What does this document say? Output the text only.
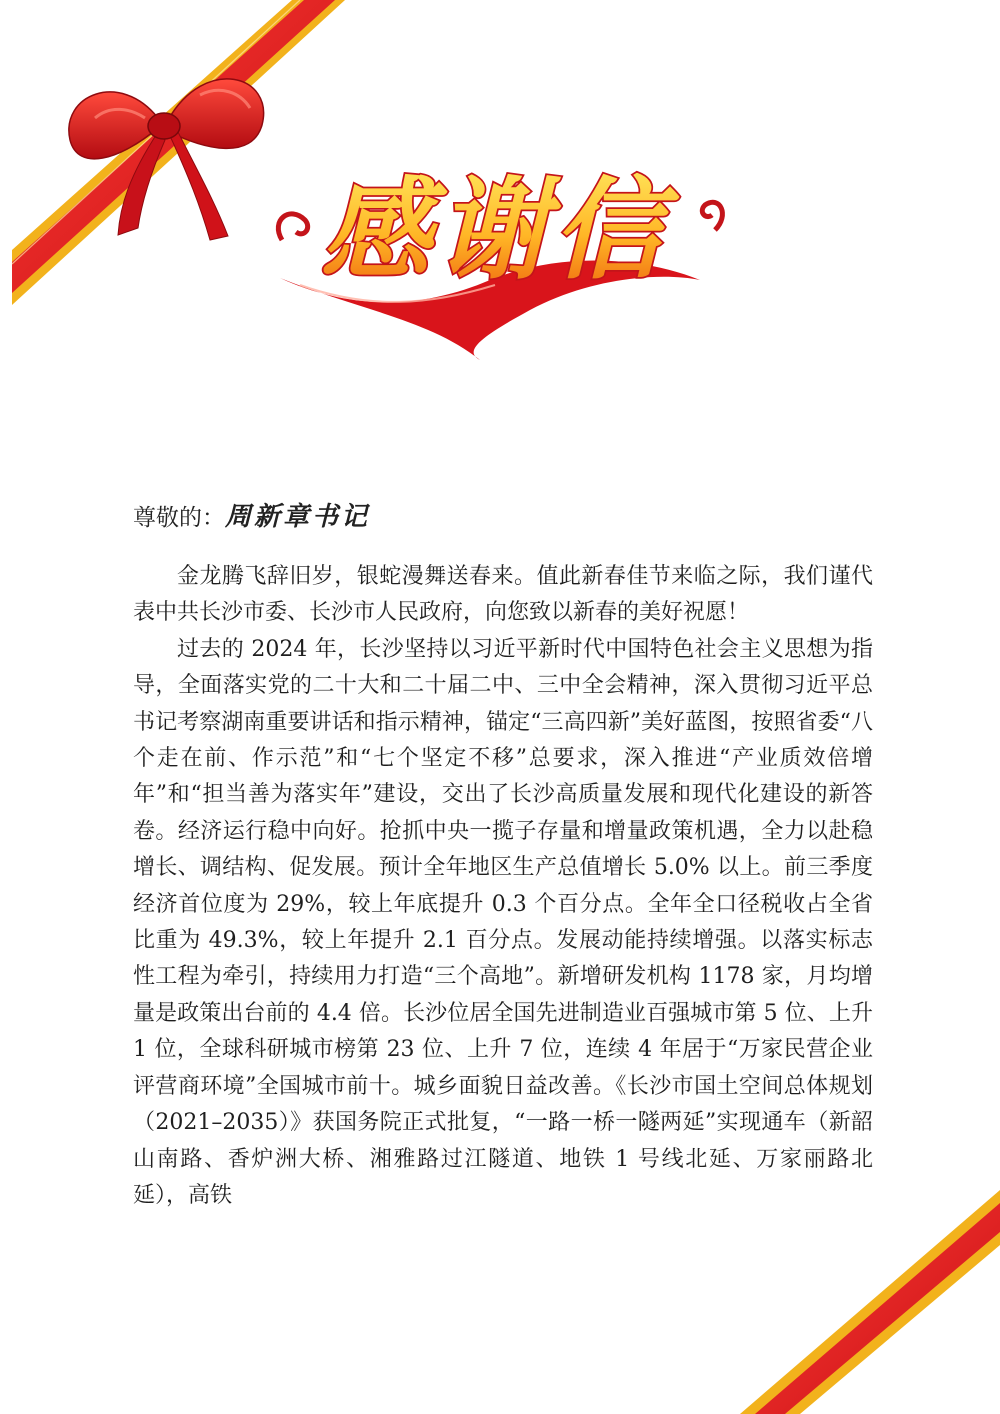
感谢信
尊敬的：周新章书记

金龙腾飞辞旧岁，银蛇漫舞送春来。值此新春佳节来临之际，我们谨代表中共长沙市委、长沙市人民政府，向您致以新春的美好祝愿！

过去的 2024 年，长沙坚持以习近平新时代中国特色社会主义思想为指导，全面落实党的二十大和二十届二中、三中全会精神，深入贯彻习近平总书记考察湖南重要讲话和指示精神，锚定“三高四新”美好蓝图，按照省委“八个走在前、作示范”和“七个坚定不移”总要求，深入推进“产业质效倍增年”和“担当善为落实年”建设，交出了长沙高质量发展和现代化建设的新答卷。经济运行稳中向好。抢抓中央一揽子存量和增量政策机遇，全力以赴稳增长、调结构、促发展。预计全年地区生产总值增长 5.0% 以上。前三季度经济首位度为 29%，较上年底提升 0.3 个百分点。全年全口径税收占全省比重为 49.3%，较上年提升 2.1 百分点。发展动能持续增强。以落实标志性工程为牵引，持续用力打造“三个高地”。新增研发机构 1178 家，月均增量是政策出台前的 4.4 倍。长沙位居全国先进制造业百强城市第 5 位、上升 1 位，全球科研城市榜第 23 位、上升 7 位，连续 4 年居于“万家民营企业评营商环境”全国城市前十。城乡面貌日益改善。《长沙市国土空间总体规划（2021–2035）》获国务院正式批复，“一路一桥一隧两延”实现通车（新韶山南路、香炉洲大桥、湘雅路过江隧道、地铁 1 号线北延、万家丽路北延），高铁
